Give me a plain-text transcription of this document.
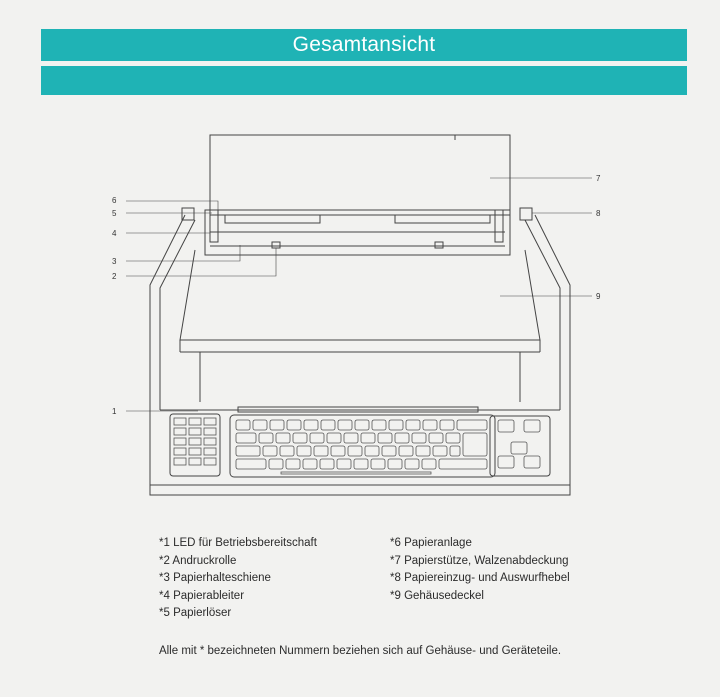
Gesamtansicht
6
5
4
3
2
1
7
8
9
*1 LED für Betriebsbereitschaft
*2 Andruckrolle
*3 Papierhalteschiene
*4 Papierableiter
*5 Papierlöser
*6 Papieranlage
*7 Papierstütze, Walzenabdeckung
*8 Papiereinzug- und Auswurfhebel
*9 Gehäusedeckel
Alle mit * bezeichneten Nummern beziehen sich auf Gehäuse- und Geräteteile.
